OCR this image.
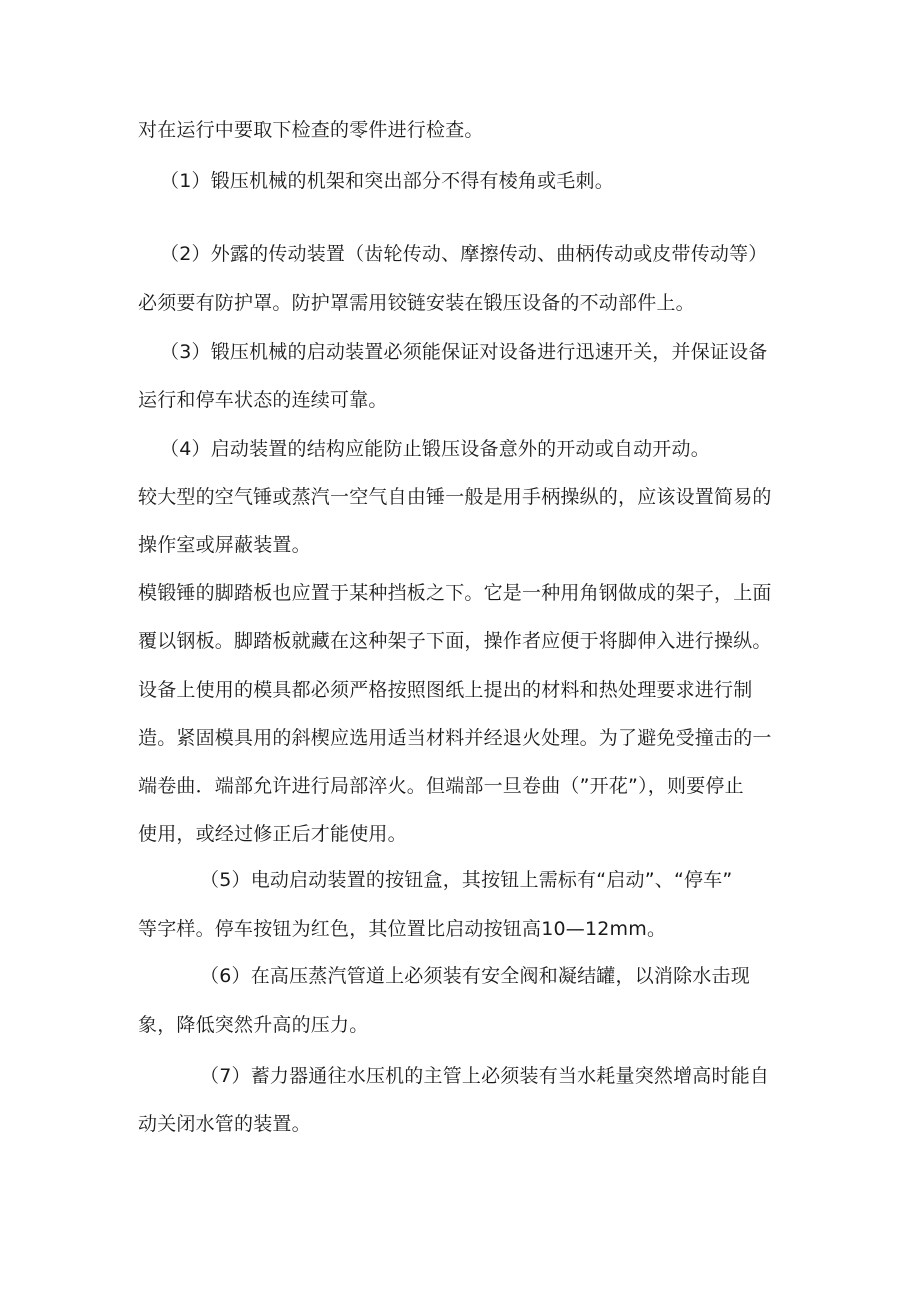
对在运行中要取下检查的零件进行检查。
（1）锻压机械的机架和突出部分不得有棱角或毛刺。
（2）外露的传动装置（齿轮传动、摩擦传动、曲柄传动或皮带传动等）
必须要有防护罩。防护罩需用铰链安装在锻压设备的不动部件上。
（3）锻压机械的启动装置必须能保证对设备进行迅速开关，并保证设备
运行和停车状态的连续可靠。
（4）启动装置的结构应能防止锻压设备意外的开动或自动开动。
较大型的空气锤或蒸汽一空气自由锤一般是用手柄操纵的，应该设置简易的
操作室或屏蔽装置。
模锻锤的脚踏板也应置于某种挡板之下。它是一种用角钢做成的架子，上面
覆以钢板。脚踏板就藏在这种架子下面，操作者应便于将脚伸入进行操纵。
设备上使用的模具都必须严格按照图纸上提出的材料和热处理要求进行制
造。紧固模具用的斜楔应选用适当材料并经退火处理。为了避免受撞击的一
端卷曲．端部允许进行局部淬火。但端部一旦卷曲（”开花”），则要停止
使用，或经过修正后才能使用。
（5）电动启动装置的按钮盒，其按钮上需标有“启动”、“停车”
等字样。停车按钮为红色，其位置比启动按钮高10—12mm。
（6）在高压蒸汽管道上必须装有安全阀和凝结罐，以消除水击现
象，降低突然升高的压力。
（7）蓄力器通往水压机的主管上必须装有当水耗量突然增高时能自
动关闭水管的装置。
